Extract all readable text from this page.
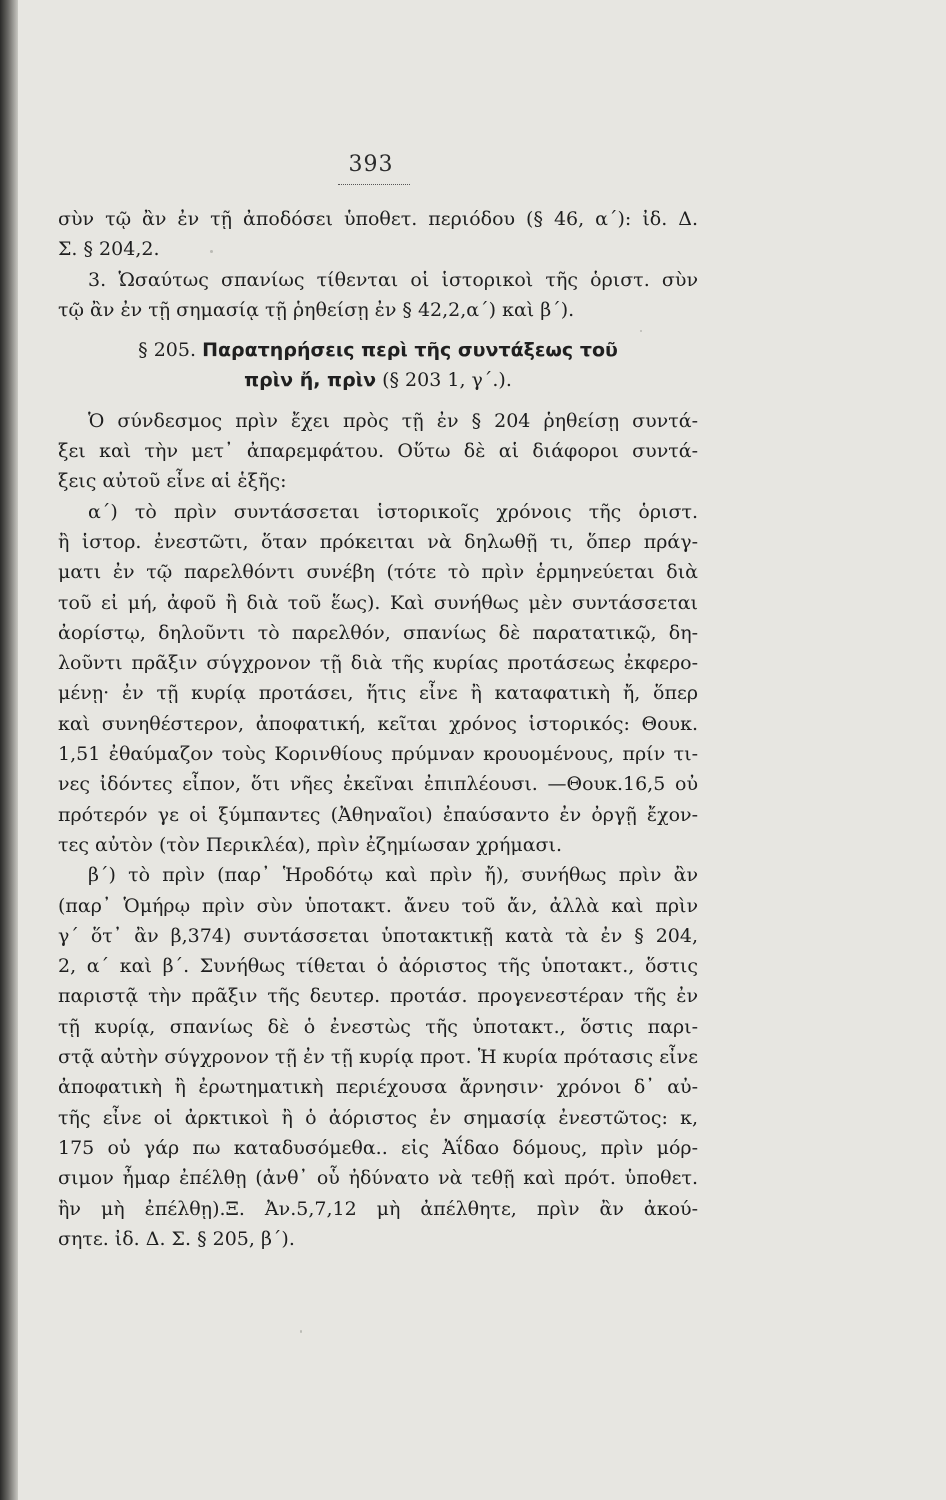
393
σὺν τῷ ἂν ἐν τῇ ἀποδόσει ὑποθετ. περιόδου (§ 46, α΄): ἰδ. Δ.
Σ. § 204,2.
3. Ὡσαύτως σπανίως τίθενται οἱ ἱστορικοὶ τῆς ὁριστ. σὺν
τῷ ἂν ἐν τῇ σημασίᾳ τῇ ῥηθείσῃ ἐν § 42,2,α΄) καὶ β΄).
§ 205. Παρατηρήσεις περὶ τῆς συντάξεως τοῦ
πρὶν ἤ, πρὶν (§ 203 1, γ΄.).
Ὁ σύνδεσμος πρὶν ἔχει πρὸς τῇ ἐν § 204 ῥηθείσῃ συντά-
ξει καὶ τὴν μετ᾽ ἀπαρεμφάτου. Οὕτω δὲ αἱ διάφοροι συντά-
ξεις αὐτοῦ εἶνε αἱ ἑξῆς:
α΄) τὸ πρὶν συντάσσεται ἱστορικοῖς χρόνοις τῆς ὁριστ.
ἢ ἱστορ. ἐνεστῶτι, ὅταν πρόκειται νὰ δηλωθῇ τι, ὅπερ πράγ-
ματι ἐν τῷ παρελθόντι συνέβη (τότε τὸ πρὶν ἑρμηνεύεται διὰ
τοῦ εἰ μή, ἀφοῦ ἢ διὰ τοῦ ἕως). Καὶ συνήθως μὲν συντάσσεται
ἀορίστῳ, δηλοῦντι τὸ παρελθόν, σπανίως δὲ παρατατικῷ, δη-
λοῦντι πρᾶξιν σύγχρονον τῇ διὰ τῆς κυρίας προτάσεως ἐκφερο-
μένῃ· ἐν τῇ κυρίᾳ προτάσει, ἥτις εἶνε ἢ καταφατικὴ ἤ, ὅπερ
καὶ συνηθέστερον, ἀποφατική, κεῖται χρόνος ἱστορικός: Θουκ.
1,51 ἐθαύμαζον τοὺς Κορινθίους πρύμναν κρουομένους, πρίν τι-
νες ἰδόντες εἶπον, ὅτι νῆες ἐκεῖναι ἐπιπλέουσι. —Θουκ.16,5 οὐ
πρότερόν γε οἱ ξύμπαντες (Ἀθηναῖοι) ἐπαύσαντο ἐν ὀργῇ ἔχον-
τες αὐτὸν (τὸν Περικλέα), πρὶν ἐζημίωσαν χρήμασι.
β΄) τὸ πρὶν (παρ᾽ Ἡροδότῳ καὶ πρὶν ἤ), συνήθως πρὶν ἂν
(παρ᾽ Ὁμήρῳ πρὶν σὺν ὑποτακτ. ἄνευ τοῦ ἄν, ἀλλὰ καὶ πρὶν
γ΄ ὅτ᾽ ἂν β,374) συντάσσεται ὑποτακτικῇ κατὰ τὰ ἐν § 204,
2, α΄ καὶ β΄. Συνήθως τίθεται ὁ ἀόριστος τῆς ὑποτακτ., ὅστις
παριστᾷ τὴν πρᾶξιν τῆς δευτερ. προτάσ. προγενεστέραν τῆς ἐν
τῇ κυρίᾳ, σπανίως δὲ ὁ ἐνεστὼς τῆς ὑποτακτ., ὅστις παρι-
στᾷ αὐτὴν σύγχρονον τῇ ἐν τῇ κυρίᾳ προτ. Ἡ κυρία πρότασις εἶνε
ἀποφατικὴ ἢ ἐρωτηματικὴ περιέχουσα ἄρνησιν· χρόνοι δ᾽ αὐ-
τῆς εἶνε οἱ ἀρκτικοὶ ἢ ὁ ἀόριστος ἐν σημασίᾳ ἐνεστῶτος: κ,
175 οὐ γάρ πω καταδυσόμεθα.. εἰς Ἀΐδαο δόμους, πρὶν μόρ-
σιμον ἦμαρ ἐπέλθῃ (ἀνθ᾽ οὗ ἠδύνατο νὰ τεθῇ καὶ πρότ. ὑποθετ.
ἢν μὴ ἐπέλθῃ).Ξ. Ἀν.5,7,12 μὴ ἀπέλθητε, πρὶν ἂν ἀκού-
σητε. ἰδ. Δ. Σ. § 205, β΄).
